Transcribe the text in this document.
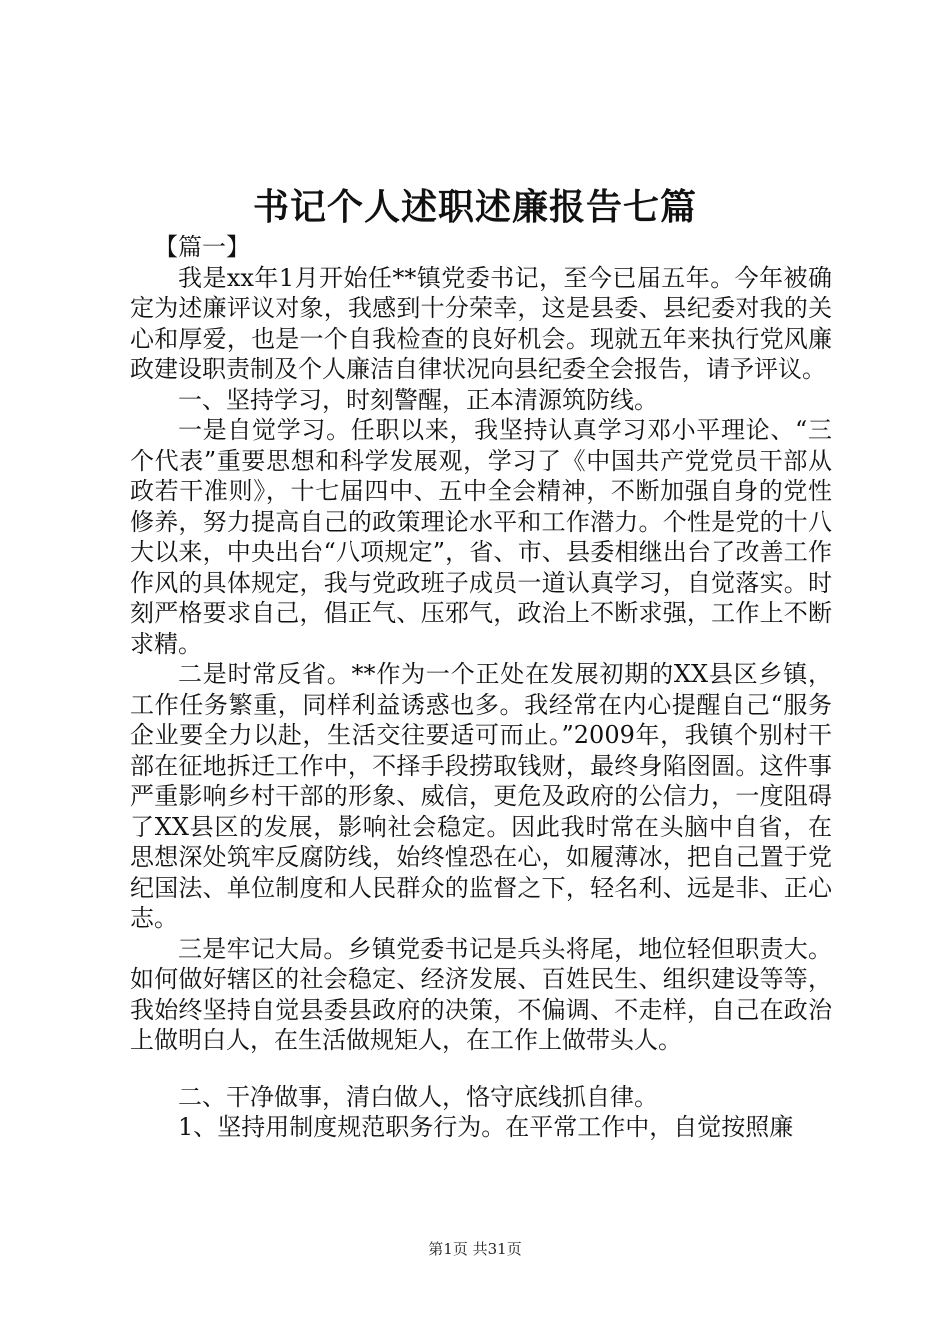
书记个人述职述廉报告七篇

【篇一】

我是xx年1月开始任**镇党委书记，至今已届五年。今年被确定为述廉评议对象，我感到十分荣幸，这是县委、县纪委对我的关心和厚爱，也是一个自我检查的良好机会。现就五年来执行党风廉政建设职责制及个人廉洁自律状况向县纪委全会报告，请予评议。

一、坚持学习，时刻警醒，正本清源筑防线。

一是自觉学习。任职以来，我坚持认真学习邓小平理论、“三个代表”重要思想和科学发展观，学习了《中国共产党党员干部从政若干准则》，十七届四中、五中全会精神，不断加强自身的党性修养，努力提高自己的政策理论水平和工作潜力。个性是党的十八大以来，中央出台“八项规定”，省、市、县委相继出台了改善工作作风的具体规定，我与党政班子成员一道认真学习，自觉落实。时刻严格要求自己，倡正气、压邪气，政治上不断求强，工作上不断求精。

二是时常反省。**作为一个正处在发展初期的XX县区乡镇，工作任务繁重，同样利益诱惑也多。我经常在内心提醒自己“服务企业要全力以赴，生活交往要适可而止。”2009年，我镇个别村干部在征地拆迁工作中，不择手段捞取钱财，最终身陷囹圄。这件事严重影响乡村干部的形象、威信，更危及政府的公信力，一度阻碍了XX县区的发展，影响社会稳定。因此我时常在头脑中自省，在思想深处筑牢反腐防线，始终惶恐在心，如履薄冰，把自己置于党纪国法、单位制度和人民群众的监督之下，轻名利、远是非、正心志。

三是牢记大局。乡镇党委书记是兵头将尾，地位轻但职责大。如何做好辖区的社会稳定、经济发展、百姓民生、组织建设等等，我始终坚持自觉县委县政府的决策，不偏调、不走样，自己在政治上做明白人，在生活做规矩人，在工作上做带头人。

二、干净做事，清白做人，恪守底线抓自律。

1、坚持用制度规范职务行为。在平常工作中，自觉按照廉

第1页 共31页
